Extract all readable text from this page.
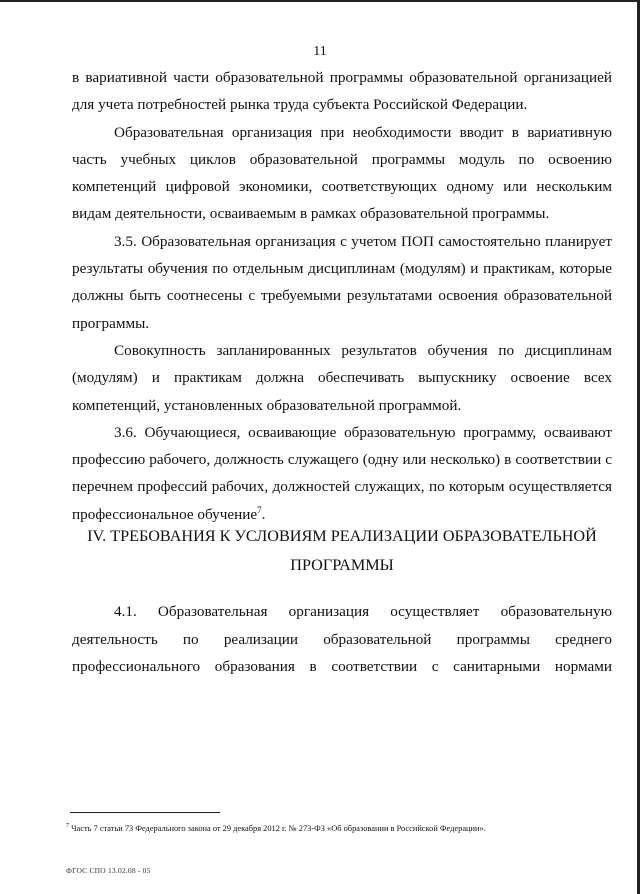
11

в вариативной части образовательной программы образовательной организацией

для учета потребностей рынка труда субъекта Российской Федерации.

Образовательная организация при необходимости вводит в вариативную часть учебных циклов образовательной программы модуль по освоению компетенций цифровой экономики, соответствующих одному или нескольким видам деятельности, осваиваемым в рамках образовательной программы.

3.5. Образовательная организация с учетом ПОП самостоятельно планирует результаты обучения по отдельным дисциплинам (модулям) и практикам, которые должны быть соотнесены с требуемыми результатами освоения образовательной программы.

Совокупность запланированных результатов обучения по дисциплинам (модулям) и практикам должна обеспечивать выпускнику освоение всех компетенций, установленных образовательной программой.

3.6. Обучающиеся, осваивающие образовательную программу, осваивают профессию рабочего, должность служащего (одну или несколько) в соответствии с перечнем профессий рабочих, должностей служащих, по которым осуществляется профессиональное обучение$^7$.

IV. ТРЕБОВАНИЯ К УСЛОВИЯМ РЕАЛИЗАЦИИ ОБРАЗОВАТЕЛЬНОЙ
ПРОГРАММЫ

4.1. Образовательная организация осуществляет образовательную

деятельность по реализации образовательной программы среднего

профессионального образования в соответствии с санитарными нормами

$^7$ Часть 7 статьи 73 Федерального закона от 29 декабря 2012 г. № 273-ФЗ «Об образовании в Российской Федерации».
ФГОС СПО 13.02.08 - 05
